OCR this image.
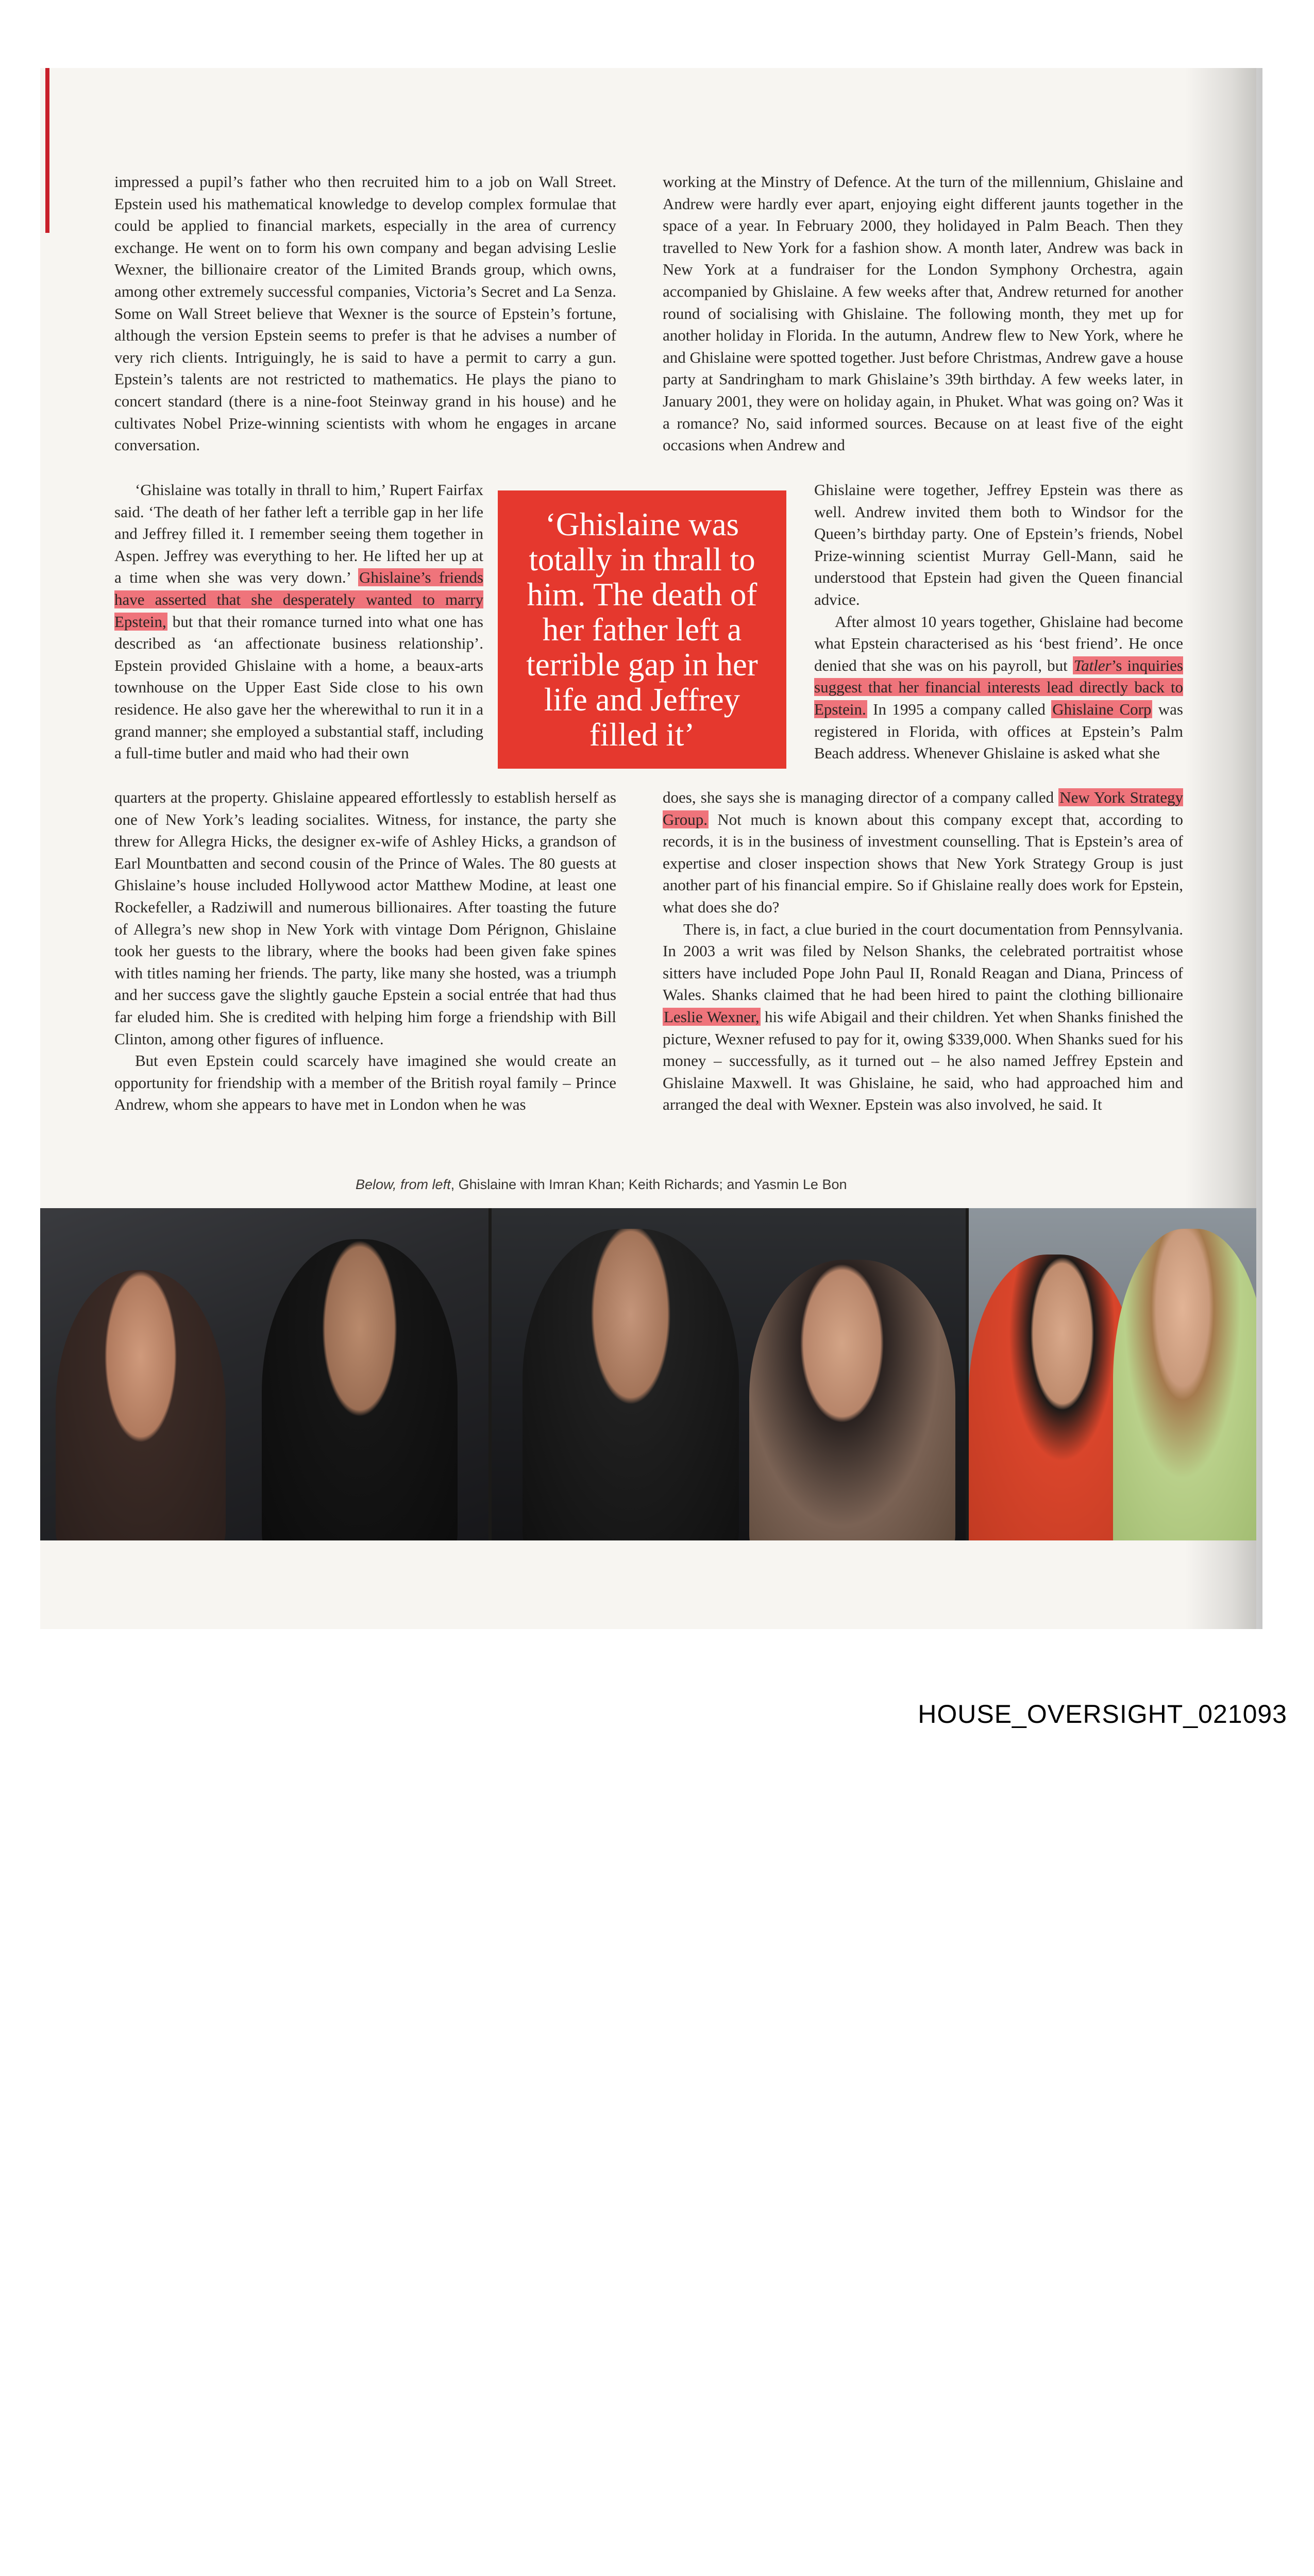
impressed a pupil’s father who then recruited him to a job on Wall Street. Epstein used his mathematical knowledge to develop complex formulae that could be applied to financial markets, especially in the area of currency exchange. He went on to form his own company and began advising Leslie Wexner, the billionaire creator of the Limited Brands group, which owns, among other extremely successful companies, Victoria’s Secret and La Senza. Some on Wall Street believe that Wexner is the source of Epstein’s fortune, although the version Epstein seems to prefer is that he advises a number of very rich clients. Intriguingly, he is said to have a permit to carry a gun. Epstein’s talents are not restricted to mathematics. He plays the piano to concert standard (there is a nine-foot Steinway grand in his house) and he cultivates Nobel Prize-winning scientists with whom he engages in arcane conversation.

‘Ghislaine was totally in thrall to him,’ Rupert Fairfax said. ‘The death of her father left a terrible gap in her life and Jeffrey filled it. I remember seeing them together in Aspen. Jeffrey was everything to her. He lifted her up at a time when she was very down.’ Ghislaine’s friends have asserted that she desperately wanted to marry Epstein, but that their romance turned into what one has described as ‘an affectionate business relationship’. Epstein provided Ghislaine with a home, a beaux-arts townhouse on the Upper East Side close to his own residence. He also gave her the wherewithal to run it in a grand manner; she employed a substantial staff, including a full-time butler and maid who had their own

quarters at the property. Ghislaine appeared effortlessly to establish herself as one of New York’s leading socialites. Witness, for instance, the party she threw for Allegra Hicks, the designer ex-wife of Ashley Hicks, a grandson of Earl Mountbatten and second cousin of the Prince of Wales. The 80 guests at Ghislaine’s house included Hollywood actor Matthew Modine, at least one Rockefeller, a Radziwill and numerous billionaires. After toasting the future of Allegra’s new shop in New York with vintage Dom Pérignon, Ghislaine took her guests to the library, where the books had been given fake spines with titles naming her friends. The party, like many she hosted, was a triumph and her success gave the slightly gauche Epstein a social entrée that had thus far eluded him. She is credited with helping him forge a friendship with Bill Clinton, among other figures of influence.

But even Epstein could scarcely have imagined she would create an opportunity for friendship with a member of the British royal family – Prince Andrew, whom she appears to have met in London when he was

working at the Minstry of Defence. At the turn of the millennium, Ghislaine and Andrew were hardly ever apart, enjoying eight different jaunts together in the space of a year. In February 2000, they holidayed in Palm Beach. Then they travelled to New York for a fashion show. A month later, Andrew was back in New York at a fundraiser for the London Symphony Orchestra, again accompanied by Ghislaine. A few weeks after that, Andrew returned for another round of socialising with Ghislaine. The following month, they met up for another holiday in Florida. In the autumn, Andrew flew to New York, where he and Ghislaine were spotted together. Just before Christmas, Andrew gave a house party at Sandringham to mark Ghislaine’s 39th birthday. A few weeks later, in January 2001, they were on holiday again, in Phuket. What was going on? Was it a romance? No, said informed sources. Because on at least five of the eight occasions when Andrew and

Ghislaine were together, Jeffrey Epstein was there as well. Andrew invited them both to Windsor for the Queen’s birthday party. One of Epstein’s friends, Nobel Prize-winning scientist Murray Gell-Mann, said he understood that Epstein had given the Queen financial advice.

After almost 10 years together, Ghislaine had become what Epstein characterised as his ‘best friend’. He once denied that she was on his payroll, but Tatler’s inquiries suggest that her financial interests lead directly back to Epstein. In 1995 a company called Ghislaine Corp was registered in Florida, with offices at Epstein’s Palm Beach address. Whenever Ghislaine is asked what she

does, she says she is managing director of a company called New York Strategy Group. Not much is known about this company except that, according to records, it is in the business of investment counselling. That is Epstein’s area of expertise and closer inspection shows that New York Strategy Group is just another part of his financial empire. So if Ghislaine really does work for Epstein, what does she do?

There is, in fact, a clue buried in the court documentation from Pennsylvania. In 2003 a writ was filed by Nelson Shanks, the celebrated portraitist whose sitters have included Pope John Paul II, Ronald Reagan and Diana, Princess of Wales. Shanks claimed that he had been hired to paint the clothing billionaire Leslie Wexner, his wife Abigail and their children. Yet when Shanks finished the picture, Wexner refused to pay for it, owing $339,000. When Shanks sued for his money – successfully, as it turned out – he also named Jeffrey Epstein and Ghislaine Maxwell. It was Ghislaine, he said, who had approached him and arranged the deal with Wexner. Epstein was also involved, he said. It

‘Ghislaine was totally in thrall to him. The death of her father left a terrible gap in her life and Jeffrey filled it’
Below, from left, Ghislaine with Imran Khan; Keith Richards; and Yasmin Le Bon
HOUSE_OVERSIGHT_021093
